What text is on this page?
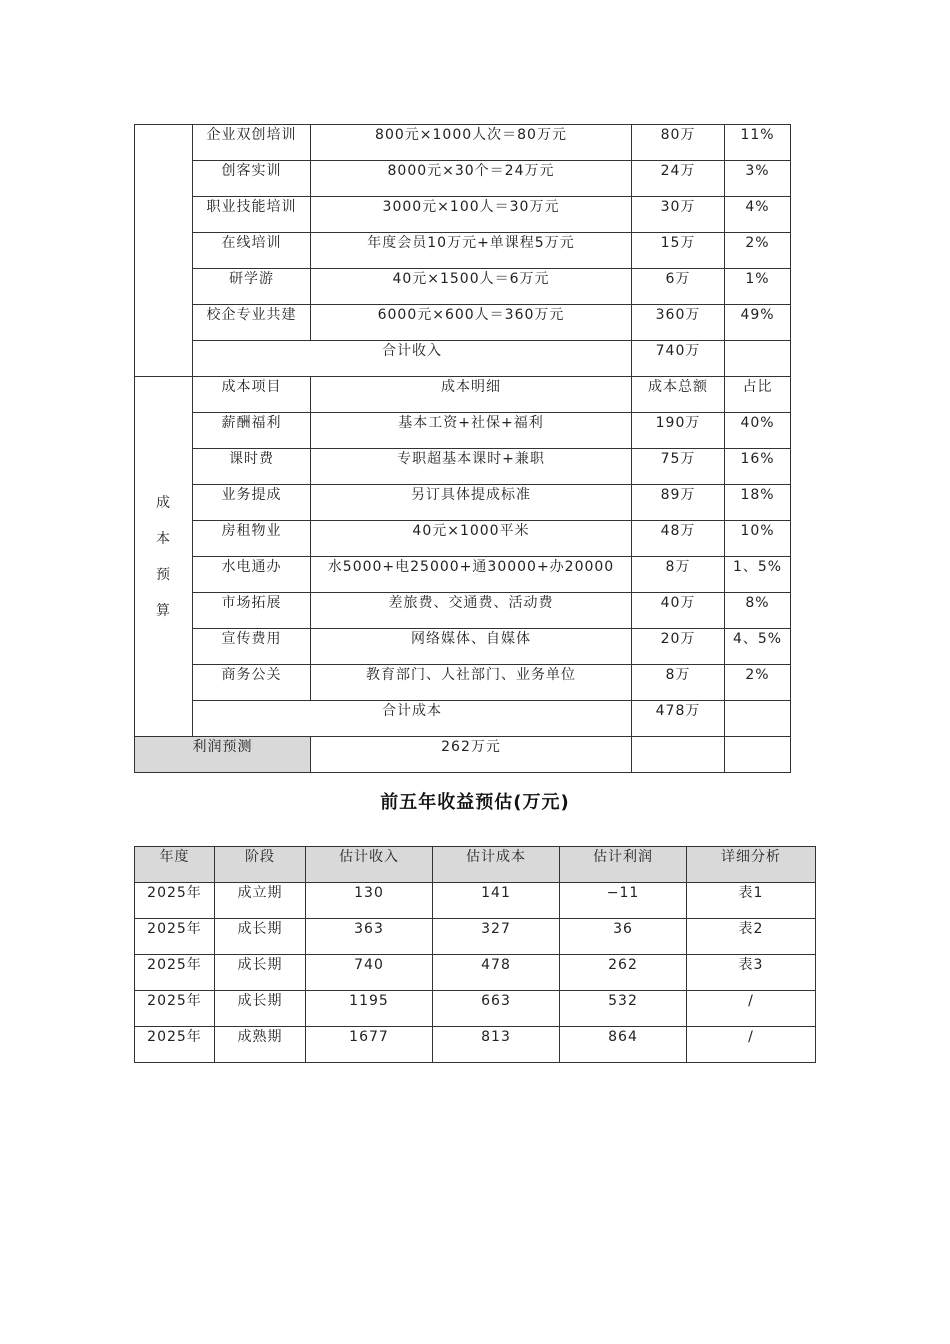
	企业双创培训	800元×1000人次＝80万元	80万	11%

	创客实训	8000元×30个＝24万元	24万	3%

	职业技能培训	3000元×100人＝30万元	30万	4%

	在线培训	年度会员10万元+单课程5万元	15万	2%

	研学游	40元×1500人＝6万元	6万	1%

	校企专业共建	6000元×600人＝360万元	360万	49%

	合计收入		740万	

成
本
预
算	成本项目	成本明细	成本总额	占比

	薪酬福利	基本工资+社保+福利	190万	40%

	课时费	专职超基本课时+兼职	75万	16%

	业务提成	另订具体提成标准	89万	18%

	房租物业	40元×1000平米	48万	10%

	水电通办	水5000+电25000+通30000+办20000	8万	1、5%

	市场拓展	差旅费、交通费、活动费	40万	8%

	宣传费用	网络媒体、自媒体	20万	4、5%

	商务公关	教育部门、人社部门、业务单位	8万	2%

	合计成本		478万	

利润预测		262万元		

前五年收益预估(万元)
年度	阶段	估计收入	估计成本	估计利润	详细分析

2025年	成立期	130	141	−11	表1

2025年	成长期	363	327	36	表2

2025年	成长期	740	478	262	表3

2025年	成长期	1195	663	532	/

2025年	成熟期	1677	813	864	/
